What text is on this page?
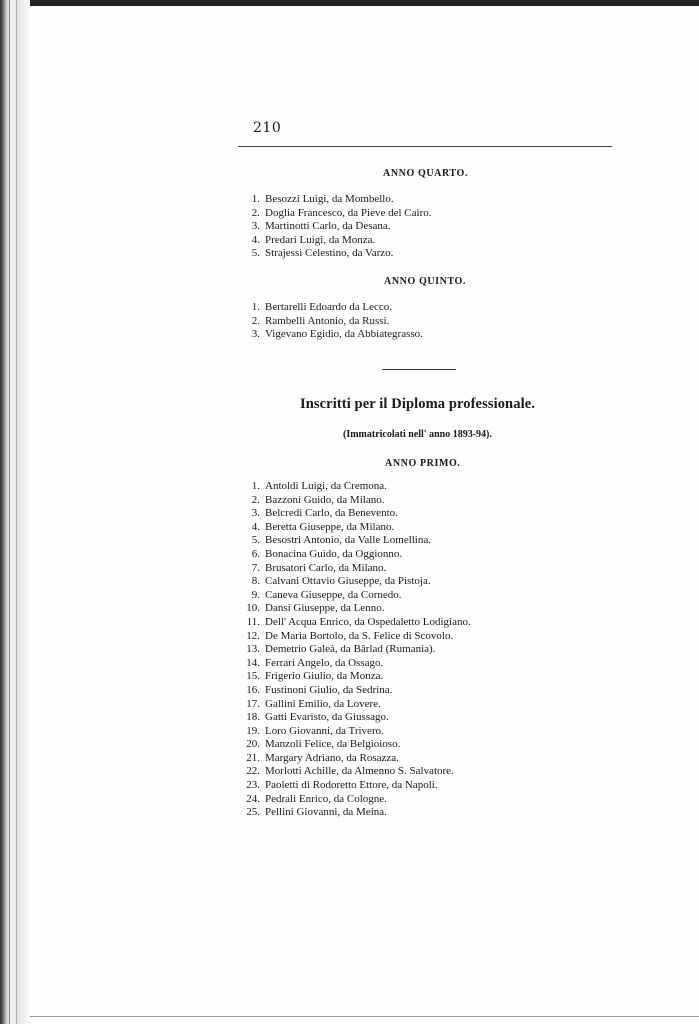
210
ANNO QUARTO.
1. Besozzi Luigi, da Mombello.
2. Doglia Francesco, da Pieve del Cairo.
3. Martinotti Carlo, da Desana.
4. Predari Luigi, da Monza.
5. Strajessi Celestino, da Varzo.
ANNO QUINTO.
1. Bertarelli Edoardo da Lecco.
2. Rambelli Antonio, da Russi.
3. Vigevano Egidio, da Abbiategrasso.
Inscritti per il Diploma professionale.
(Immatricolati nell' anno 1893-94).
ANNO PRIMO.
1. Antoldi Luigi, da Cremona.
2. Bazzoni Guido, da Milano.
3. Belcredi Carlo, da Benevento.
4. Beretta Giuseppe, da Milano.
5. Besostri Antonio, da Valle Lomellina.
6. Bonacina Guido, da Oggionno.
7. Brusatori Carlo, da Milano.
8. Calvani Ottavio Giuseppe, da Pistoja.
9. Caneva Giuseppe, da Cornedo.
10. Dansi Giuseppe, da Lenno.
11. Dell' Acqua Enrico, da Ospedaletto Lodigiano.
12. De Maria Bortolo, da S. Felice di Scovolo.
13. Demetrio Galeà, da Bârlad (Rumania).
14. Ferrari Angelo, da Ossago.
15. Frigerio Giulio, da Monza.
16. Fustinoni Giulio, da Sedrina.
17. Gallini Emilio, da Lovere.
18. Gatti Evaristo, da Giussago.
19. Loro Giovanni, da Trivero.
20. Manzoli Felice, da Belgioioso.
21. Margary Adriano, da Rosazza.
22. Morlotti Achille, da Almenno S. Salvatore.
23. Paoletti di Rodoretto Ettore, da Napoli.
24. Pedrali Enrico, da Cologne.
25. Pellini Giovanni, da Meina.
